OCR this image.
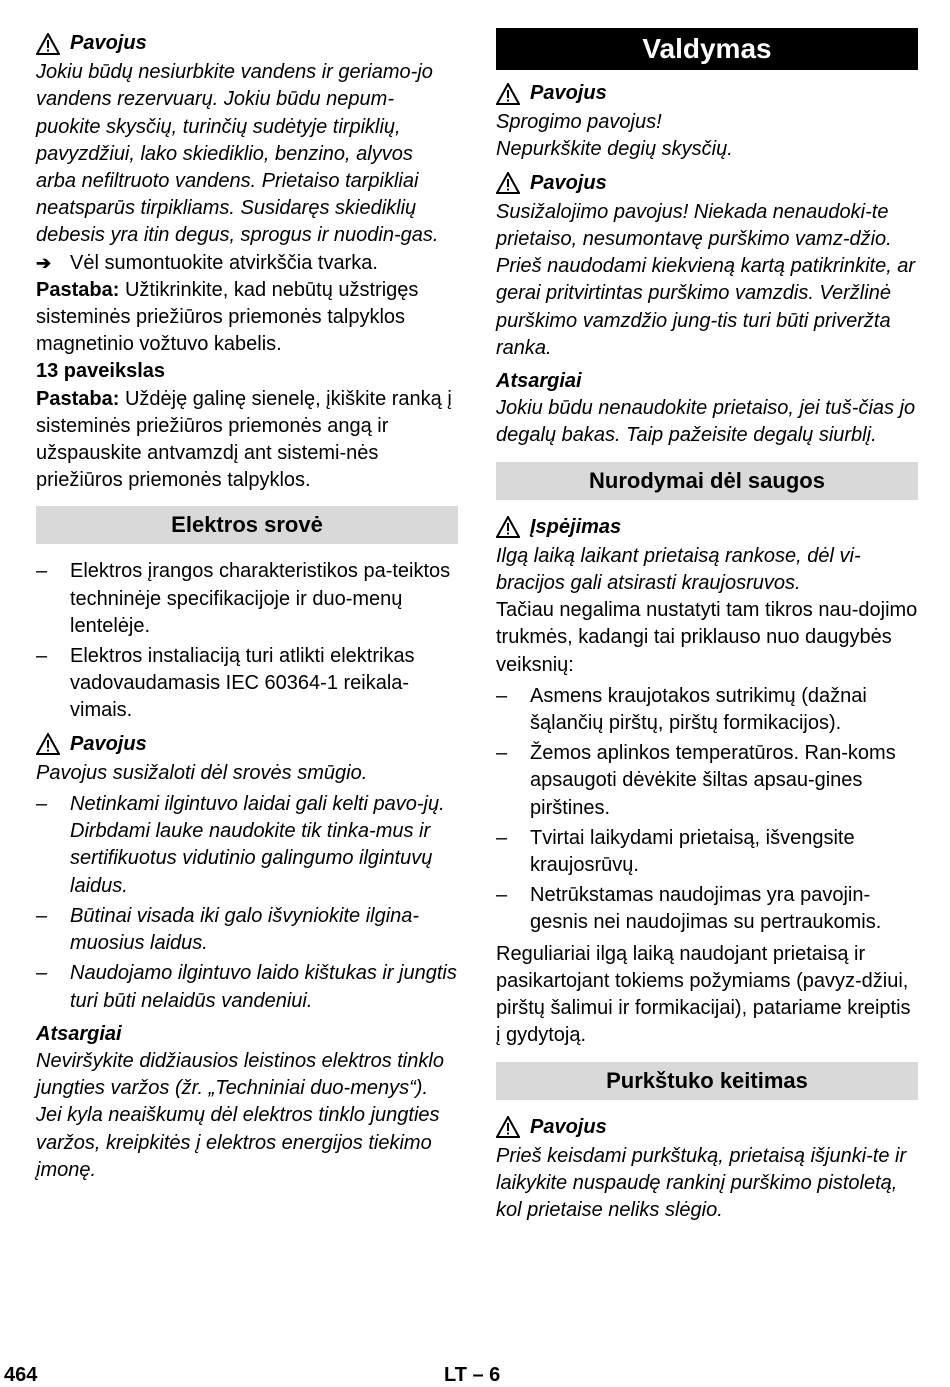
Pavojus

Jokiu būdų nesiurbkite vandens ir geriamo-jo vandens rezervuarų. Jokiu būdu nepum-puokite skysčių, turinčių sudėtyje tirpiklių, pavyzdžiui, lako skiediklio, benzino, alyvos arba nefiltruoto vandens. Prietaiso tarpikliai neatsparūs tirpikliams. Susidaręs skiediklių debesis yra itin degus, sprogus ir nuodin-gas.

➔ Vėl sumontuokite atvirkščia tvarka.

Pastaba: Užtikrinkite, kad nebūtų užstrigęs sisteminės priežiūros priemonės talpyklos magnetinio vožtuvo kabelis.

13 paveikslas

Pastaba: Uždėję galinę sienelę, įkiškite ranką į sisteminės priežiūros priemonės angą ir užspauskite antvamzdį ant sistemi-nės priežiūros priemonės talpyklos.

Elektros srovė
–	Elektros įrangos charakteristikos pa-teiktos techninėje specifikacijoje ir duo-menų lentelėje.
–	Elektros instaliaciją turi atlikti elektrikas vadovaudamasis IEC 60364-1 reikala-vimais.
Pavojus

Pavojus susižaloti dėl srovės smūgio.

–	Netinkami ilgintuvo laidai gali kelti pavo-jų. Dirbdami lauke naudokite tik tinka-mus ir sertifikuotus vidutinio galingumo ilgintuvų laidus.
–	Būtinai visada iki galo išvyniokite ilgina-muosius laidus.
–	Naudojamo ilgintuvo laido kištukas ir jungtis turi būti nelaidūs vandeniui.

Atsargiai

Neviršykite didžiausios leistinos elektros tinklo jungties varžos (žr. „Techniniai duo-menys“). Jei kyla neaiškumų dėl elektros tinklo jungties varžos, kreipkitės į elektros energijos tiekimo įmonę.

Valdymas
Pavojus

Sprogimo pavojus!

Nepurkškite degių skysčių.

Pavojus

Susižalojimo pavojus! Niekada nenaudoki-te prietaiso, nesumontavę purškimo vamz-džio. Prieš naudodami kiekvieną kartą patikrinkite, ar gerai pritvirtintas purškimo vamzdis. Veržlinė purškimo vamzdžio jung-tis turi būti priveržta ranka.

Atsargiai

Jokiu būdu nenaudokite prietaiso, jei tuš-čias jo degalų bakas. Taip pažeisite degalų siurblį.

Nurodymai dėl saugos
Įspėjimas

Ilgą laiką laikant prietaisą rankose, dėl vi-bracijos gali atsirasti kraujosruvos.

Tačiau negalima nustatyti tam tikros nau-dojimo trukmės, kadangi tai priklauso nuo daugybės veiksnių:

–	Asmens kraujotakos sutrikimų (dažnai šąlančių pirštų, pirštų formikacijos).
–	Žemos aplinkos temperatūros. Ran-koms apsaugoti dėvėkite šiltas apsau-gines pirštines.
–	Tvirtai laikydami prietaisą, išvengsite kraujosrūvų.
–	Netrūkstamas naudojimas yra pavojin-gesnis nei naudojimas su pertraukomis.

Reguliariai ilgą laiką naudojant prietaisą ir pasikartojant tokiems požymiams (pavyz-džiui, pirštų šalimui ir formikacijai), patariame kreiptis į gydytoją.

Purkštuko keitimas
Pavojus

Prieš keisdami purkštuką, prietaisą išjunki-te ir laikykite nuspaudę rankinį purškimo pistoletą, kol prietaise neliks slėgio.

464	LT – 6
